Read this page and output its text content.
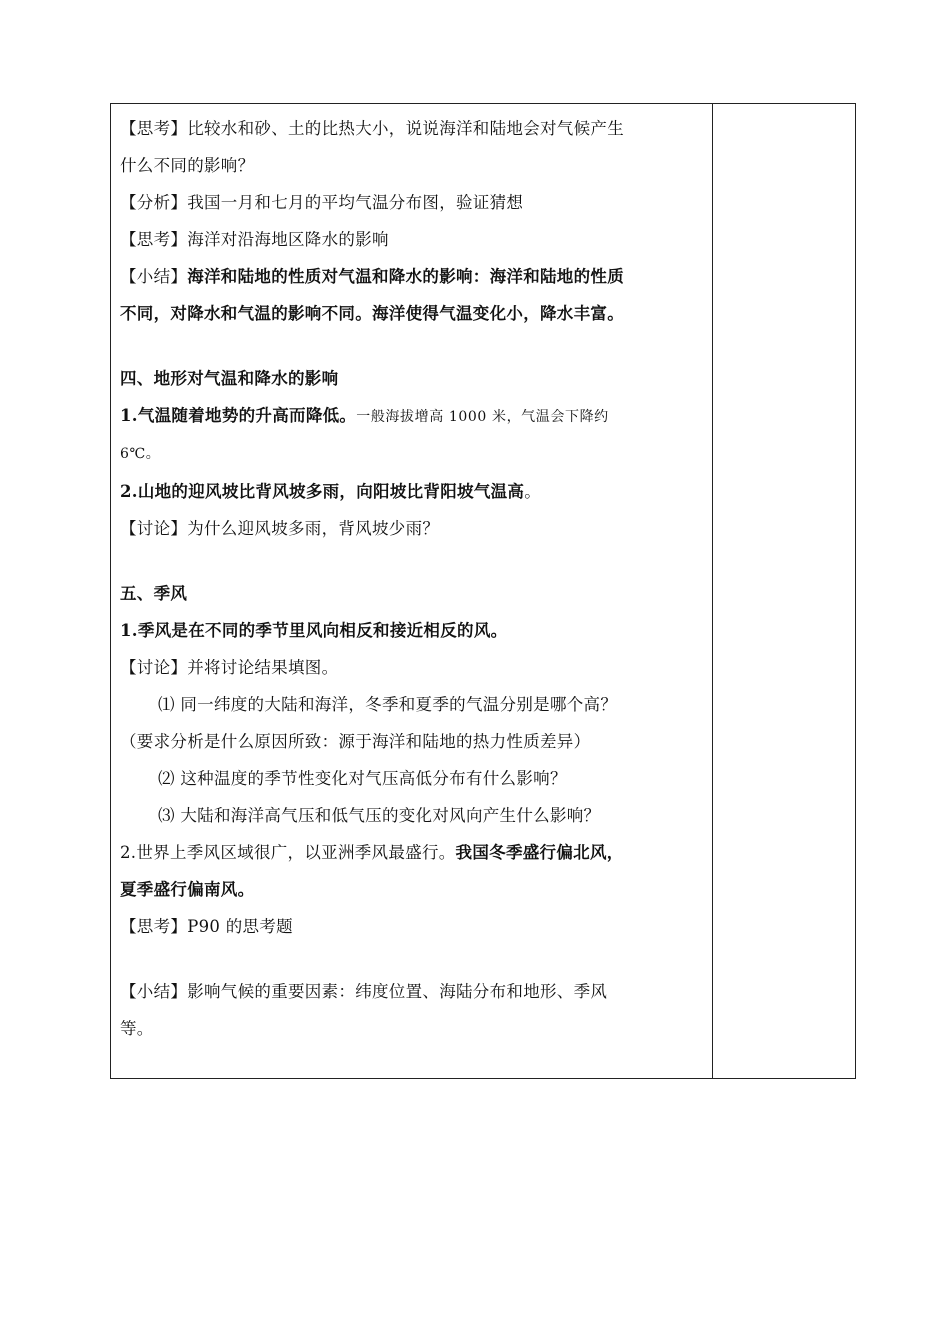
【思考】比较水和砂、土的比热大小，说说海洋和陆地会对气候产生
什么不同的影响？
【分析】我国一月和七月的平均气温分布图，验证猜想
【思考】海洋对沿海地区降水的影响
【小结】海洋和陆地的性质对气温和降水的影响：海洋和陆地的性质
不同，对降水和气温的影响不同。海洋使得气温变化小，降水丰富。
四、地形对气温和降水的影响
1.气温随着地势的升高而降低。一般海拔增高 1000 米，气温会下降约
6℃。
2.山地的迎风坡比背风坡多雨，向阳坡比背阳坡气温高。
【讨论】为什么迎风坡多雨，背风坡少雨？
五、季风
1.季风是在不同的季节里风向相反和接近相反的风。
【讨论】并将讨论结果填图。
⑴ 同一纬度的大陆和海洋，冬季和夏季的气温分别是哪个高？
（要求分析是什么原因所致：源于海洋和陆地的热力性质差异）
⑵ 这种温度的季节性变化对气压高低分布有什么影响？
⑶ 大陆和海洋高气压和低气压的变化对风向产生什么影响？
2.世界上季风区域很广，以亚洲季风最盛行。我国冬季盛行偏北风，
夏季盛行偏南风。
【思考】P90 的思考题
【小结】影响气候的重要因素：纬度位置、海陆分布和地形、季风
等。
